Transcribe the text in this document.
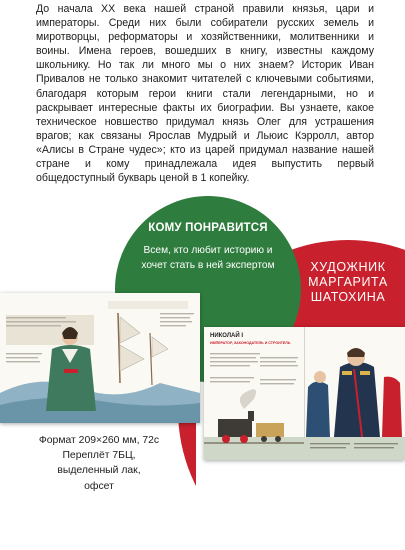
До начала XX века нашей страной правили князья, цари и императоры. Среди них были собиратели русских земель и миротворцы, реформаторы и хозяйственники, молитвенники и воины. Имена героев, вошедших в книгу, известны каждому школьнику. Но так ли много мы о них знаем? Историк Иван Привалов не только знакомит читателей с ключевыми событиями, благодаря которым герои книги стали легендарными, но и раскрывает интересные факты их биографии. Вы узнаете, какое техническое новшество придумал князь Олег для устрашения врагов; как связаны Ярослав Мудрый и Льюис Кэрролл, автор «Алисы в Стране чудес»; кто из царей придумал название нашей стране и кому принадлежала идея выпустить первый общедоступный букварь ценой в 1 копейку.

КОМУ ПОНРАВИТСЯ
Всем, кто любит историю и хочет стать в ней экспертом	ХУДОЖНИК
МАРГАРИТА
ШАТОХИНА
НИКОЛАЙ I
ИМПЕРАТОР, ЗАКОНОДАТЕЛЬ И СТРОИТЕЛЬ
Формат 209×260 мм, 72с
Переплёт 7БЦ,
выделенный лак,
офсет

Автор книги – историк, действующий научный сотрудник музея-усадьбы «Коломенское».
